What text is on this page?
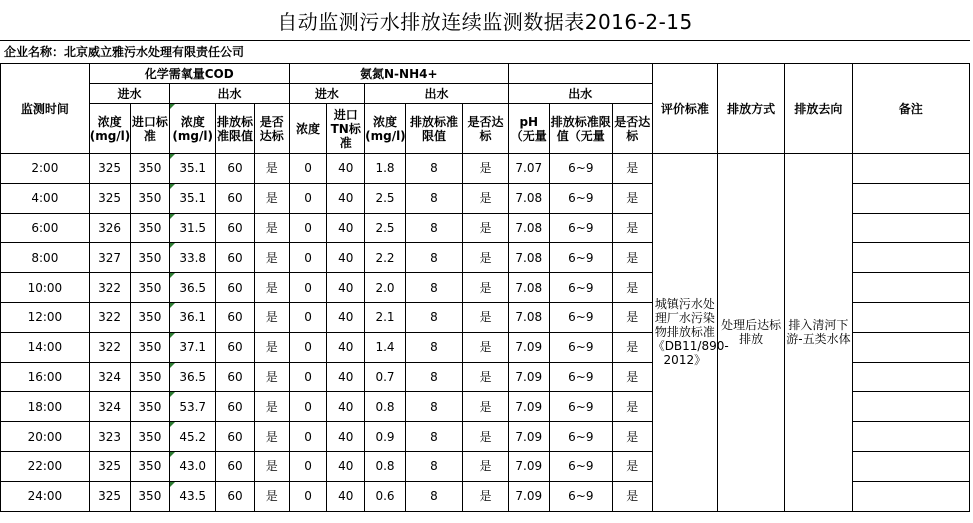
自动监测污水排放连续监测数据表2016-2-15
企业名称： 北京威立雅污水处理有限责任公司
监测时间	化学需氧量COD					氨氮N-NH4+								评价标准	排放方式	排放去向	备注
	进水		出水			进水		出水			出水						
	浓度(mg/l)	进口标准	浓度(mg/l)	排放标准限值	是否达标	浓度	进口TN标准	浓度(mg/l)	排放标准限值	是否达标	pH（无量	排放标准限值（无量	是否达标				
2:00	325	350	35.1	60	是	0	40	1.8	8	是	7.07	6~9	是	城镇污水处理厂水污染物排放标准《DB11/890-2012》	处理后达标排放	排入清河下游-五类水体	
4:00	325	350	35.1	60	是	0	40	2.5	8	是	7.08	6~9	是				
6:00	326	350	31.5	60	是	0	40	2.5	8	是	7.08	6~9	是				
8:00	327	350	33.8	60	是	0	40	2.2	8	是	7.08	6~9	是				
10:00	322	350	36.5	60	是	0	40	2.0	8	是	7.08	6~9	是				
12:00	322	350	36.1	60	是	0	40	2.1	8	是	7.08	6~9	是				
14:00	322	350	37.1	60	是	0	40	1.4	8	是	7.09	6~9	是				
16:00	324	350	36.5	60	是	0	40	0.7	8	是	7.09	6~9	是				
18:00	324	350	53.7	60	是	0	40	0.8	8	是	7.09	6~9	是				
20:00	323	350	45.2	60	是	0	40	0.9	8	是	7.09	6~9	是				
22:00	325	350	43.0	60	是	0	40	0.8	8	是	7.09	6~9	是				
24:00	325	350	43.5	60	是	0	40	0.6	8	是	7.09	6~9	是				
